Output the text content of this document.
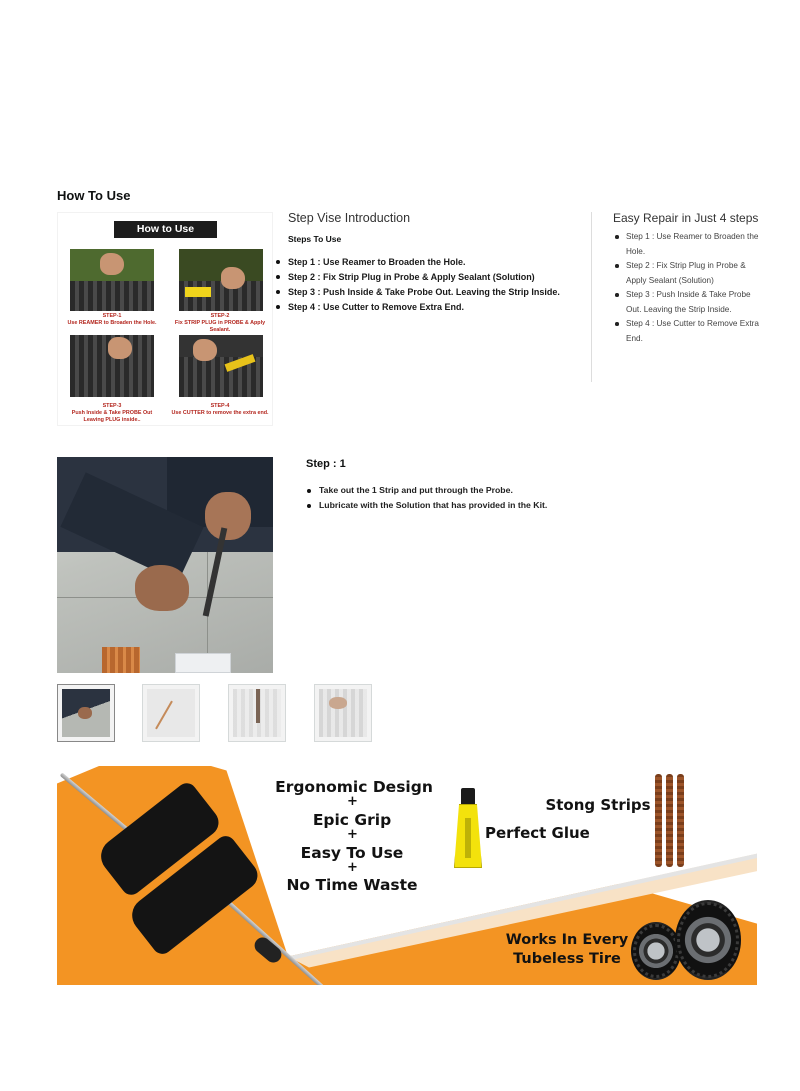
How To Use
How to Use
STEP-1
Use REAMER to Broaden the Hole.
STEP-2
Fix STRIP PLUG in PROBE & Apply Sealant.
STEP-3
Push Inside & Take PROBE Out Leaving PLUG inside..
STEP-4
Use CUTTER to remove the extra end.
Step Vise Introduction
Steps To Use
Step 1 : Use Reamer to Broaden the Hole.
Step 2 : Fix Strip Plug in Probe & Apply Sealant (Solution)
Step 3 : Push Inside & Take Probe Out. Leaving the Strip Inside.
Step 4 : Use Cutter to Remove Extra End.
Easy Repair in Just 4 steps
Step 1 : Use Reamer to Broaden the Hole.
Step 2 : Fix Strip Plug in Probe & Apply Sealant (Solution)
Step 3 : Push Inside & Take Probe Out. Leaving the Strip Inside.
Step 4 : Use Cutter to Remove Extra End.
Step : 1
Take out the 1 Strip and put through the Probe.
Lubricate with the Solution that has provided in the Kit.
Ergonomic Design
+
Epic Grip
+
Easy To Use
+
No Time Waste
Perfect Glue
Stong Strips
Works In Every
Tubeless Tire
